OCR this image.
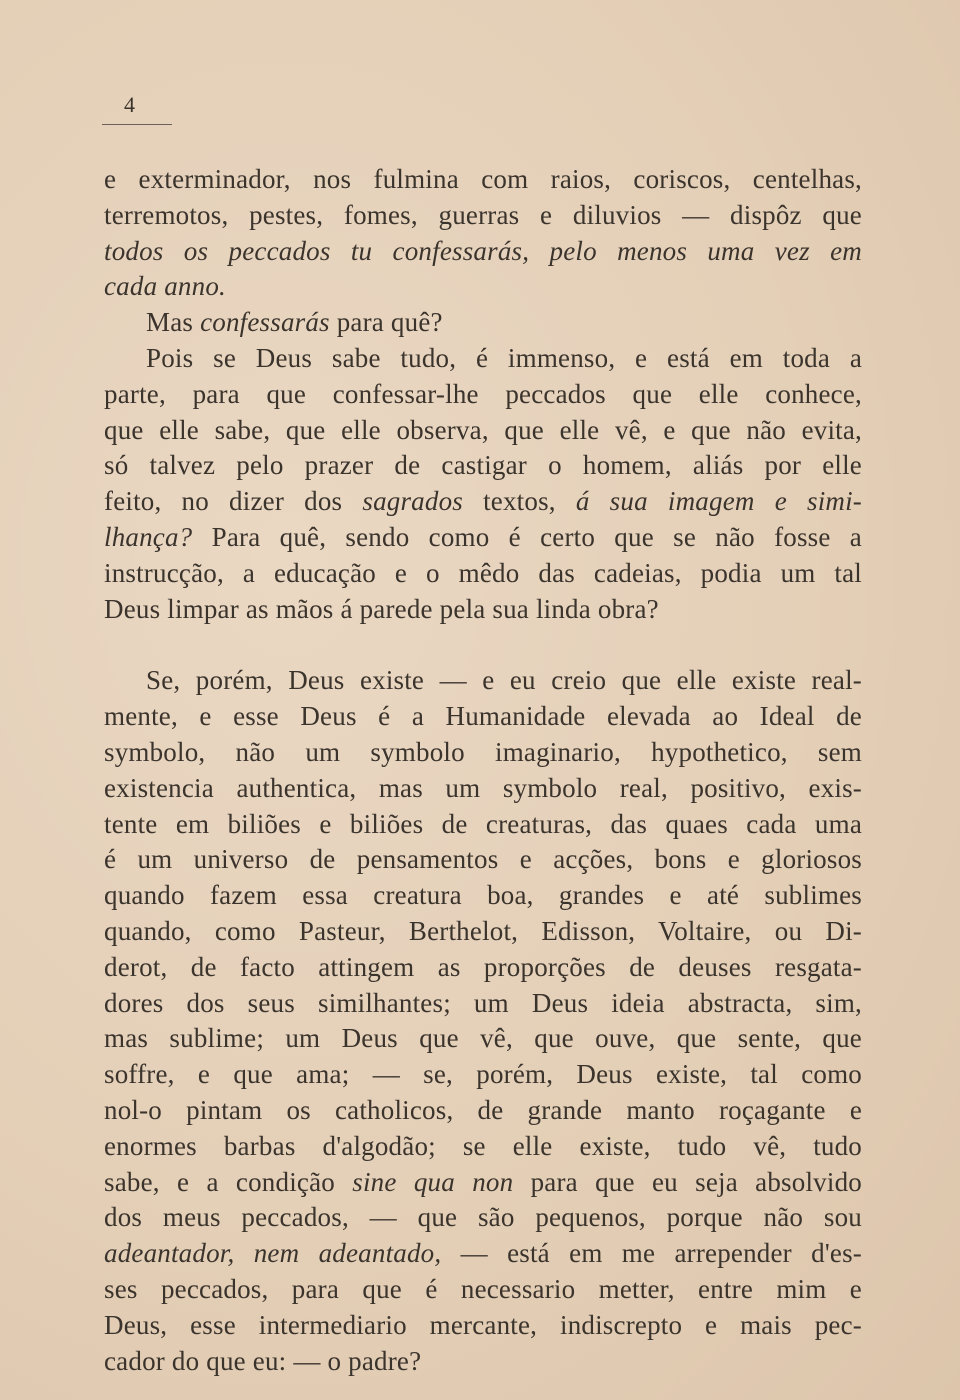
4
e exterminador, nos fulmina com raios, coriscos, centelhas,
terremotos, pestes, fomes, guerras e diluvios — dispôz que
todos os peccados tu confessarás, pelo menos uma vez em
cada anno.
Mas confessarás para quê?
Pois se Deus sabe tudo, é immenso, e está em toda a
parte, para que confessar-lhe peccados que elle conhece,
que elle sabe, que elle observa, que elle vê, e que não evita,
só talvez pelo prazer de castigar o homem, aliás por elle
feito, no dizer dos sagrados textos, á sua imagem e simi-
lhança? Para quê, sendo como é certo que se não fosse a
instrucção, a educação e o mêdo das cadeias, podia um tal
Deus limpar as mãos á parede pela sua linda obra?
Se, porém, Deus existe — e eu creio que elle existe real-
mente, e esse Deus é a Humanidade elevada ao Ideal de
symbolo, não um symbolo imaginario, hypothetico, sem
existencia authentica, mas um symbolo real, positivo, exis-
tente em biliões e biliões de creaturas, das quaes cada uma
é um universo de pensamentos e acções, bons e gloriosos
quando fazem essa creatura boa, grandes e até sublimes
quando, como Pasteur, Berthelot, Edisson, Voltaire, ou Di-
derot, de facto attingem as proporções de deuses resgata-
dores dos seus similhantes; um Deus ideia abstracta, sim,
mas sublime; um Deus que vê, que ouve, que sente, que
soffre, e que ama; — se, porém, Deus existe, tal como
nol-o pintam os catholicos, de grande manto roçagante e
enormes barbas d'algodão; se elle existe, tudo vê, tudo
sabe, e a condição sine qua non para que eu seja absolvido
dos meus peccados, — que são pequenos, porque não sou
adeantador, nem adeantado, — está em me arrepender d'es-
ses peccados, para que é necessario metter, entre mim e
Deus, esse intermediario mercante, indiscrepto e mais pec-
cador do que eu: — o padre?
